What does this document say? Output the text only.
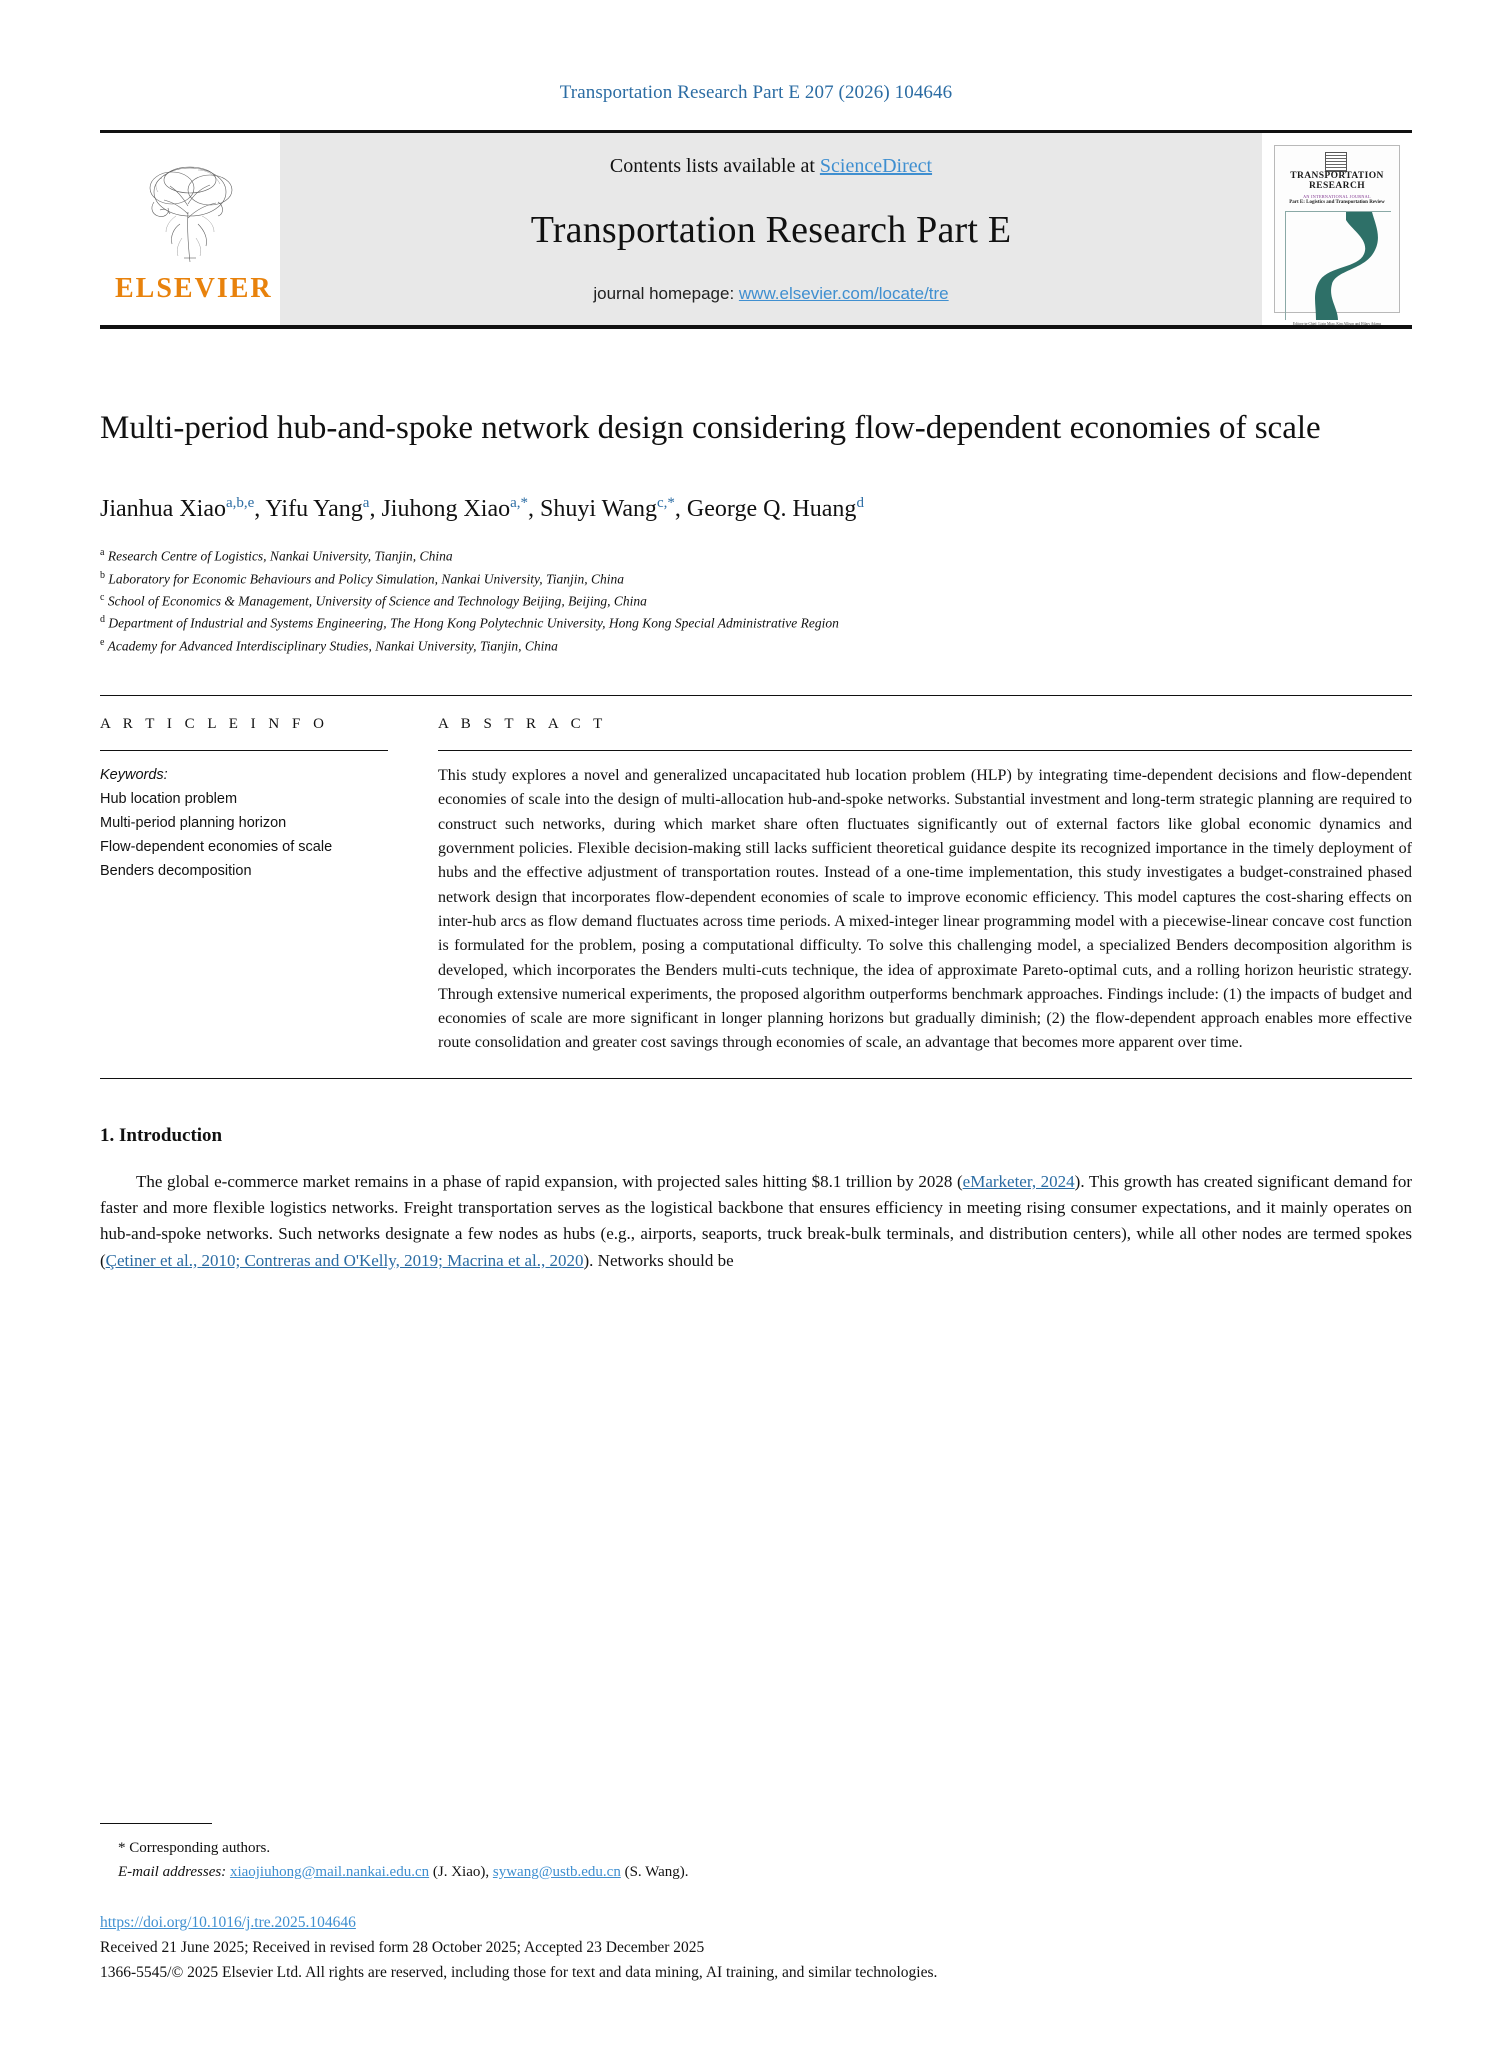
Transportation Research Part E 207 (2026) 104646
ELSEVIER
Contents lists available at ScienceDirect
Transportation Research Part E
journal homepage: www.elsevier.com/locate/tre
TRANSPORTATION
RESEARCH
AN INTERNATIONAL JOURNAL
Part E: Logistics and Transportation Review
Editors-in-Chief: Lixin Miao, Kim Allison and Hilary Adams
Multi-period hub-and-spoke network design considering flow-dependent economies of scale
Jianhua Xiao$^{a,b,e}$, Yifu Yang$^a$, Jiuhong Xiao$^{a,*}$, Shuyi Wang$^{c,*}$, George Q. Huang$^d$
$^a$ Research Centre of Logistics, Nankai University, Tianjin, China
$^b$ Laboratory for Economic Behaviours and Policy Simulation, Nankai University, Tianjin, China
$^c$ School of Economics & Management, University of Science and Technology Beijing, Beijing, China
$^d$ Department of Industrial and Systems Engineering, The Hong Kong Polytechnic University, Hong Kong Special Administrative Region
$^e$ Academy for Advanced Interdisciplinary Studies, Nankai University, Tianjin, China
A R T I C L E I N F O
Keywords:
Hub location problem
Multi-period planning horizon
Flow-dependent economies of scale
Benders decomposition
A B S T R A C T
This study explores a novel and generalized uncapacitated hub location problem (HLP) by integrating time-dependent decisions and flow-dependent economies of scale into the design of multi-allocation hub-and-spoke networks. Substantial investment and long-term strategic planning are required to construct such networks, during which market share often fluctuates significantly out of external factors like global economic dynamics and government policies. Flexible decision-making still lacks sufficient theoretical guidance despite its recognized importance in the timely deployment of hubs and the effective adjustment of transportation routes. Instead of a one-time implementation, this study investigates a budget-constrained phased network design that incorporates flow-dependent economies of scale to improve economic efficiency. This model captures the cost-sharing effects on inter-hub arcs as flow demand fluctuates across time periods. A mixed-integer linear programming model with a piecewise-linear concave cost function is formulated for the problem, posing a computational difficulty. To solve this challenging model, a specialized Benders decomposition algorithm is developed, which incorporates the Benders multi-cuts technique, the idea of approximate Pareto-optimal cuts, and a rolling horizon heuristic strategy. Through extensive numerical experiments, the proposed algorithm outperforms benchmark approaches. Findings include: (1) the impacts of budget and economies of scale are more significant in longer planning horizons but gradually diminish; (2) the flow-dependent approach enables more effective route consolidation and greater cost savings through economies of scale, an advantage that becomes more apparent over time.
1. Introduction
The global e-commerce market remains in a phase of rapid expansion, with projected sales hitting $8.1 trillion by 2028 (eMarketer, 2024). This growth has created significant demand for faster and more flexible logistics networks. Freight transportation serves as the logistical backbone that ensures efficiency in meeting rising consumer expectations, and it mainly operates on hub-and-spoke networks. Such networks designate a few nodes as hubs (e.g., airports, seaports, truck break-bulk terminals, and distribution centers), while all other nodes are termed spokes (Çetiner et al., 2010; Contreras and O'Kelly, 2019; Macrina et al., 2020). Networks should be
* Corresponding authors.
E-mail addresses: xiaojiuhong@mail.nankai.edu.cn (J. Xiao), sywang@ustb.edu.cn (S. Wang).
https://doi.org/10.1016/j.tre.2025.104646
Received 21 June 2025; Received in revised form 28 October 2025; Accepted 23 December 2025
1366-5545/© 2025 Elsevier Ltd. All rights are reserved, including those for text and data mining, AI training, and similar technologies.
